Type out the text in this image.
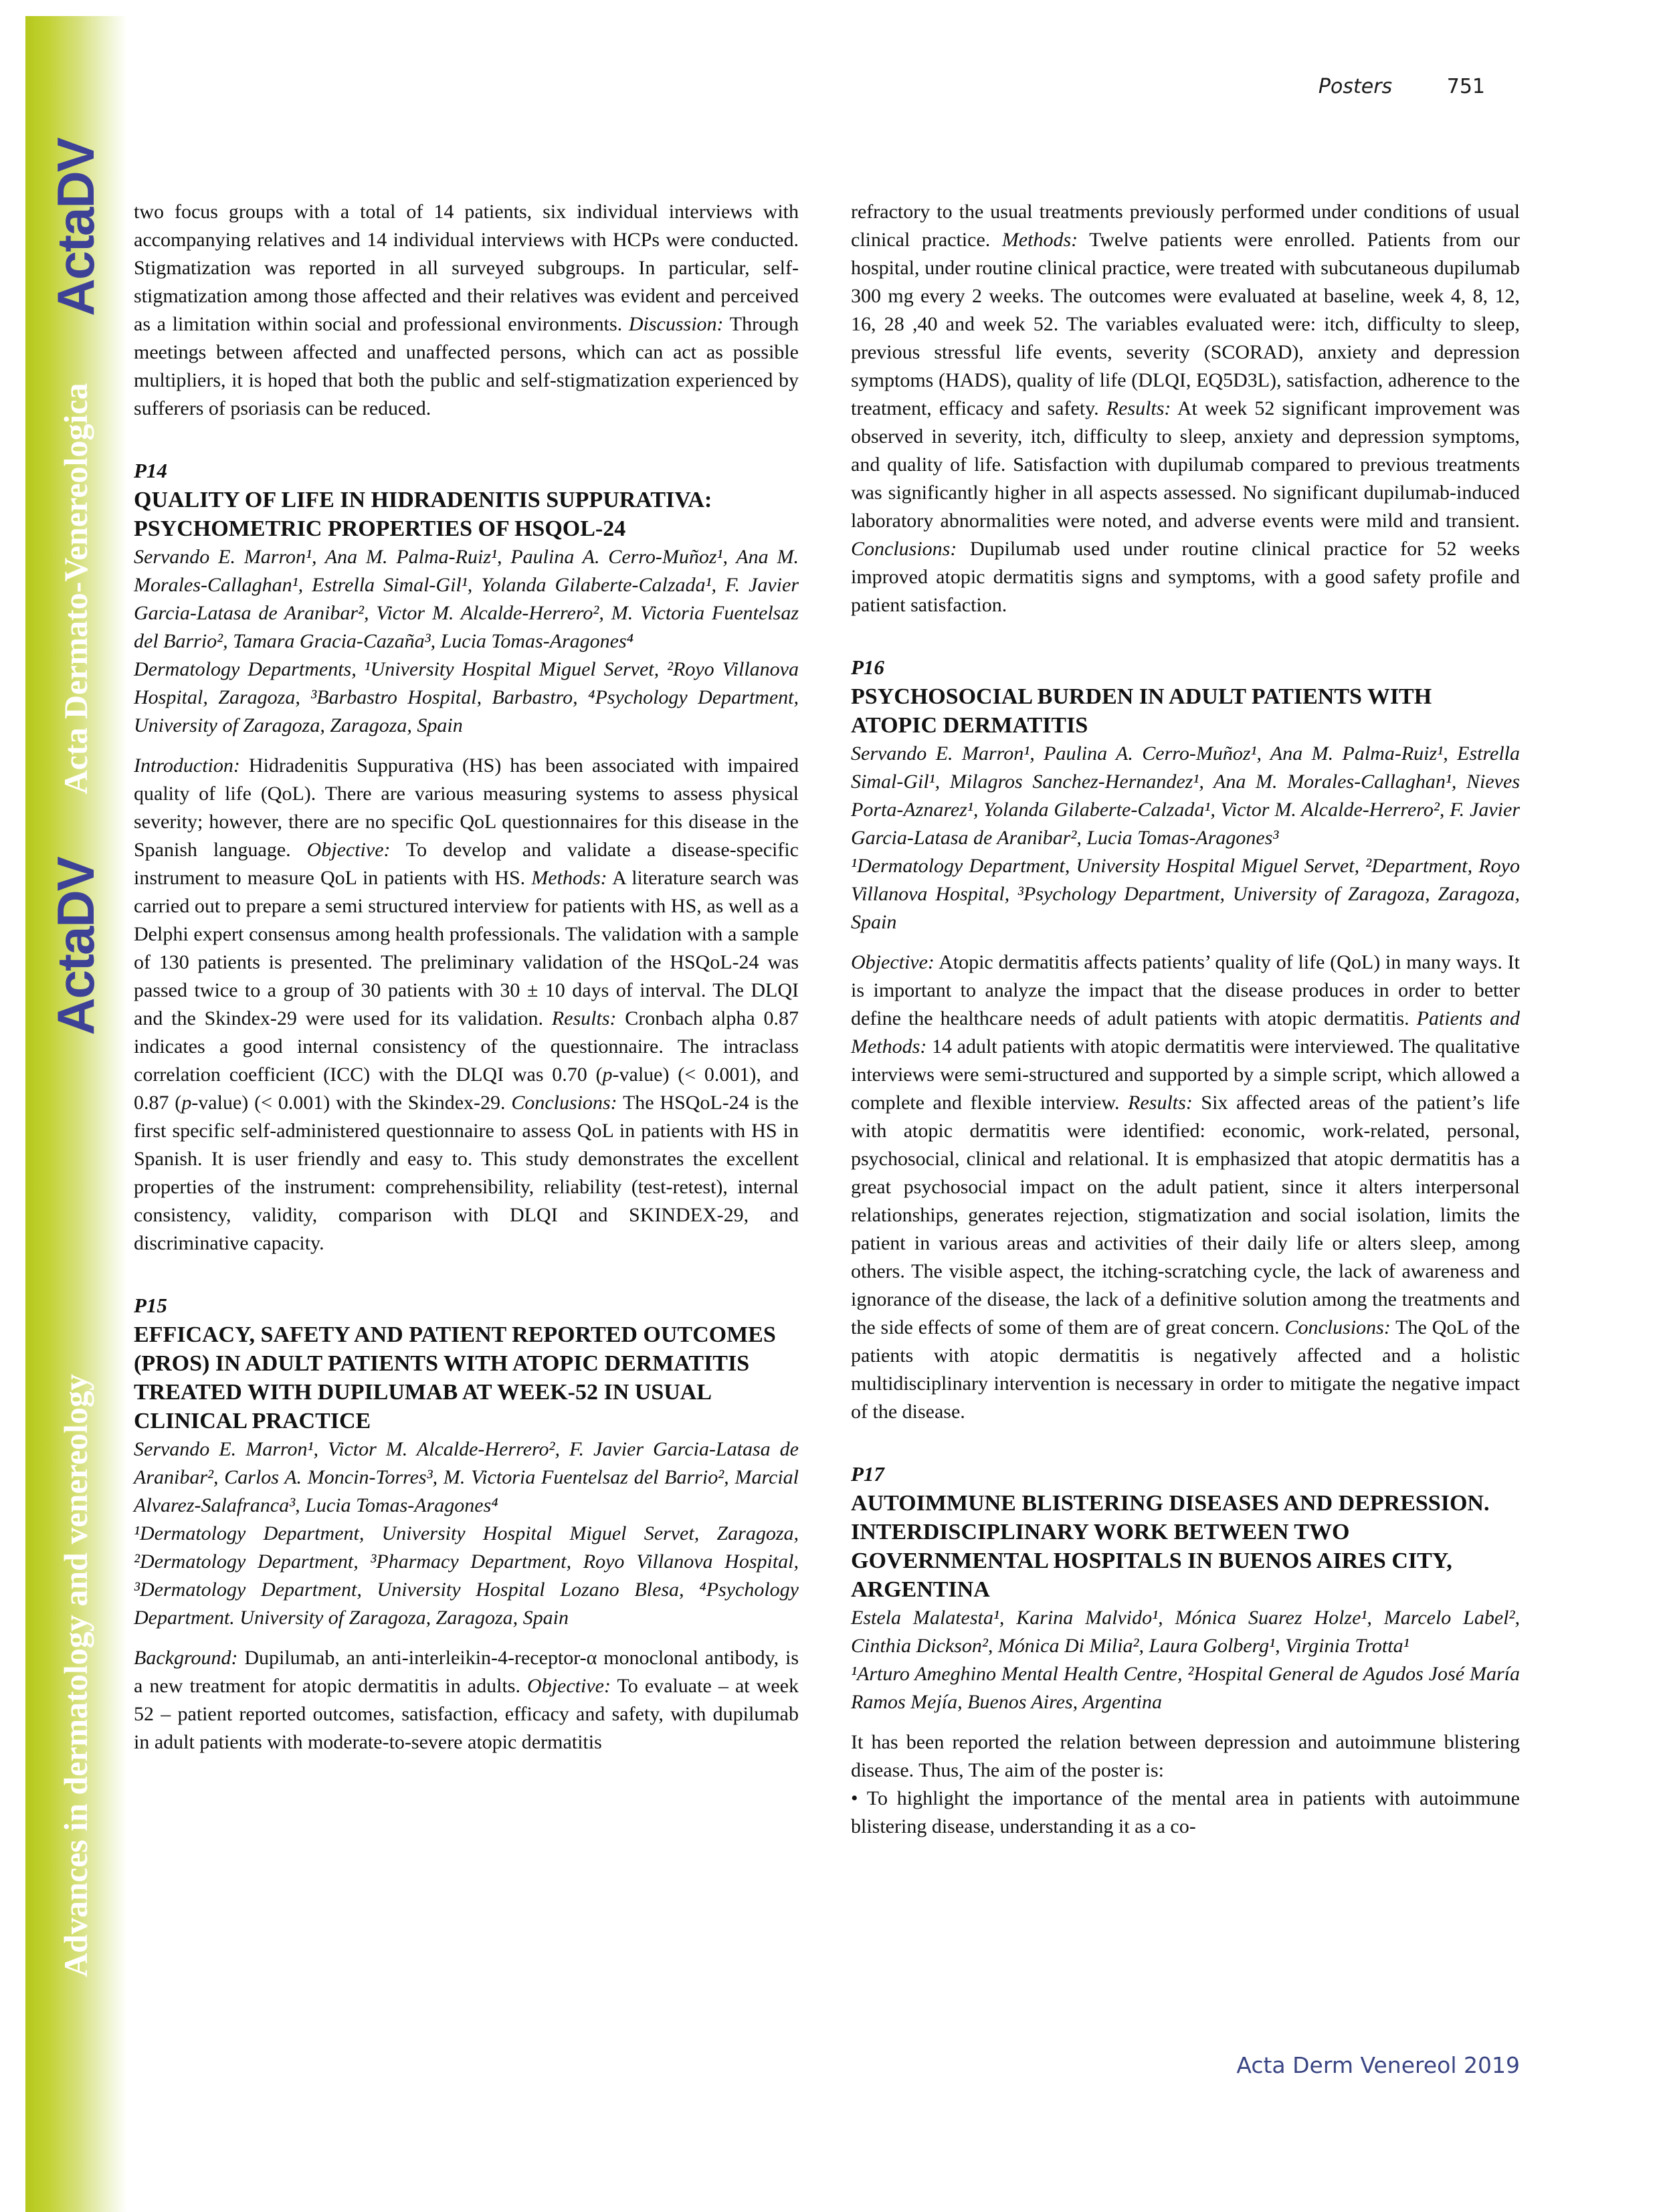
ActaDV
Acta Dermato-Venereologica
ActaDV
Advances in dermatology and venereology
Posters	751

two focus groups with a total of 14 patients, six individual interviews with accompanying relatives and 14 individual interviews with HCPs were conducted. Stigmatization was reported in all surveyed subgroups. In particular, self-stigmatization among those affected and their relatives was evident and perceived as a limitation within social and professional environments. Discussion: Through meetings between affected and unaffected persons, which can act as possible multipliers, it is hoped that both the public and self-stigmatization experienced by sufferers of psoriasis can be reduced.

P14

QUALITY OF LIFE IN HIDRADENITIS SUPPURATIVA: PSYCHOMETRIC PROPERTIES OF HSQOL-24

Servando E. Marron¹, Ana M. Palma-Ruiz¹, Paulina A. Cerro-Muñoz¹, Ana M. Morales-Callaghan¹, Estrella Simal-Gil¹, Yolanda Gilaberte-Calzada¹, F. Javier Garcia-Latasa de Aranibar², Victor M. Alcalde-Herrero², M. Victoria Fuentelsaz del Barrio², Tamara Gracia-Cazaña³, Lucia Tomas-Aragones⁴

Dermatology Departments, ¹University Hospital Miguel Servet, ²Royo Villanova Hospital, Zaragoza, ³Barbastro Hospital, Barbastro, ⁴Psychology Department, University of Zaragoza, Zaragoza, Spain

Introduction: Hidradenitis Suppurativa (HS) has been associated with impaired quality of life (QoL). There are various measuring systems to assess physical severity; however, there are no specific QoL questionnaires for this disease in the Spanish language. Objective: To develop and validate a disease-specific instrument to measure QoL in patients with HS. Methods: A literature search was carried out to prepare a semi structured interview for patients with HS, as well as a Delphi expert consensus among health professionals. The validation with a sample of 130 patients is presented. The preliminary validation of the HSQoL-24 was passed twice to a group of 30 patients with 30 ± 10 days of interval. The DLQI and the Skindex-29 were used for its validation. Results: Cronbach alpha 0.87 indicates a good internal consistency of the questionnaire. The intraclass correlation coefficient (ICC) with the DLQI was 0.70 (p-value) (< 0.001), and 0.87 (p-value) (< 0.001) with the Skindex-29. Conclusions: The HSQoL-24 is the first specific self-administered questionnaire to assess QoL in patients with HS in Spanish. It is user friendly and easy to. This study demonstrates the excellent properties of the instrument: comprehensibility, reliability (test-retest), internal consistency, validity, comparison with DLQI and SKINDEX-29, and discriminative capacity.

P15

EFFICACY, SAFETY AND PATIENT REPORTED OUTCOMES (PROS) IN ADULT PATIENTS WITH ATOPIC DERMATITIS TREATED WITH DUPILUMAB AT WEEK-52 IN USUAL CLINICAL PRACTICE

Servando E. Marron¹, Victor M. Alcalde-Herrero², F. Javier Garcia-Latasa de Aranibar², Carlos A. Moncin-Torres³, M. Victoria Fuentelsaz del Barrio², Marcial Alvarez-Salafranca³, Lucia Tomas-Aragones⁴

¹Dermatology Department, University Hospital Miguel Servet, Zaragoza, ²Dermatology Department, ³Pharmacy Department, Royo Villanova Hospital, ³Dermatology Department, University Hospital Lozano Blesa, ⁴Psychology Department. University of Zaragoza, Zaragoza, Spain

Background: Dupilumab, an anti-interleikin-4-receptor-α monoclonal antibody, is a new treatment for atopic dermatitis in adults. Objective: To evaluate – at week 52 – patient reported outcomes, satisfaction, efficacy and safety, with dupilumab in adult patients with moderate-to-severe atopic dermatitis

refractory to the usual treatments previously performed under conditions of usual clinical practice. Methods: Twelve patients were enrolled. Patients from our hospital, under routine clinical practice, were treated with subcutaneous dupilumab 300 mg every 2 weeks. The outcomes were evaluated at baseline, week 4, 8, 12, 16, 28 ,40 and week 52. The variables evaluated were: itch, difficulty to sleep, previous stressful life events, severity (SCORAD), anxiety and depression symptoms (HADS), quality of life (DLQI, EQ5D3L), satisfaction, adherence to the treatment, efficacy and safety. Results: At week 52 significant improvement was observed in severity, itch, difficulty to sleep, anxiety and depression symptoms, and quality of life. Satisfaction with dupilumab compared to previous treatments was significantly higher in all aspects assessed. No significant dupilumab-induced laboratory abnormalities were noted, and adverse events were mild and transient. Conclusions: Dupilumab used under routine clinical practice for 52 weeks improved atopic dermatitis signs and symptoms, with a good safety profile and patient satisfaction.

P16

PSYCHOSOCIAL BURDEN IN ADULT PATIENTS WITH ATOPIC DERMATITIS

Servando E. Marron¹, Paulina A. Cerro-Muñoz¹, Ana M. Palma-Ruiz¹, Estrella Simal-Gil¹, Milagros Sanchez-Hernandez¹, Ana M. Morales-Callaghan¹, Nieves Porta-Aznarez¹, Yolanda Gilaberte-Calzada¹, Victor M. Alcalde-Herrero², F. Javier Garcia-Latasa de Aranibar², Lucia Tomas-Aragones³

¹Dermatology Department, University Hospital Miguel Servet, ²Department, Royo Villanova Hospital, ³Psychology Department, University of Zaragoza, Zaragoza, Spain

Objective: Atopic dermatitis affects patients’ quality of life (QoL) in many ways. It is important to analyze the impact that the disease produces in order to better define the healthcare needs of adult patients with atopic dermatitis. Patients and Methods: 14 adult patients with atopic dermatitis were interviewed. The qualitative interviews were semi-structured and supported by a simple script, which allowed a complete and flexible interview. Results: Six affected areas of the patient’s life with atopic dermatitis were identified: economic, work-related, personal, psychosocial, clinical and relational. It is emphasized that atopic dermatitis has a great psychosocial impact on the adult patient, since it alters interpersonal relationships, generates rejection, stigmatization and social isolation, limits the patient in various areas and activities of their daily life or alters sleep, among others. The visible aspect, the itching-scratching cycle, the lack of awareness and ignorance of the disease, the lack of a definitive solution among the treatments and the side effects of some of them are of great concern. Conclusions: The QoL of the patients with atopic dermatitis is negatively affected and a holistic multidisciplinary intervention is necessary in order to mitigate the negative impact of the disease.

P17

AUTOIMMUNE BLISTERING DISEASES AND DEPRESSION. INTERDISCIPLINARY WORK BETWEEN TWO GOVERNMENTAL HOSPITALS IN BUENOS AIRES CITY, ARGENTINA

Estela Malatesta¹, Karina Malvido¹, Mónica Suarez Holze¹, Marcelo Label², Cinthia Dickson², Mónica Di Milia², Laura Golberg¹, Virginia Trotta¹

¹Arturo Ameghino Mental Health Centre, ²Hospital General de Agudos José María Ramos Mejía, Buenos Aires, Argentina

It has been reported the relation between depression and autoimmune blistering disease. Thus, The aim of the poster is:

• To highlight the importance of the mental area in patients with autoimmune blistering disease, understanding it as a co-

Acta Derm Venereol 2019
